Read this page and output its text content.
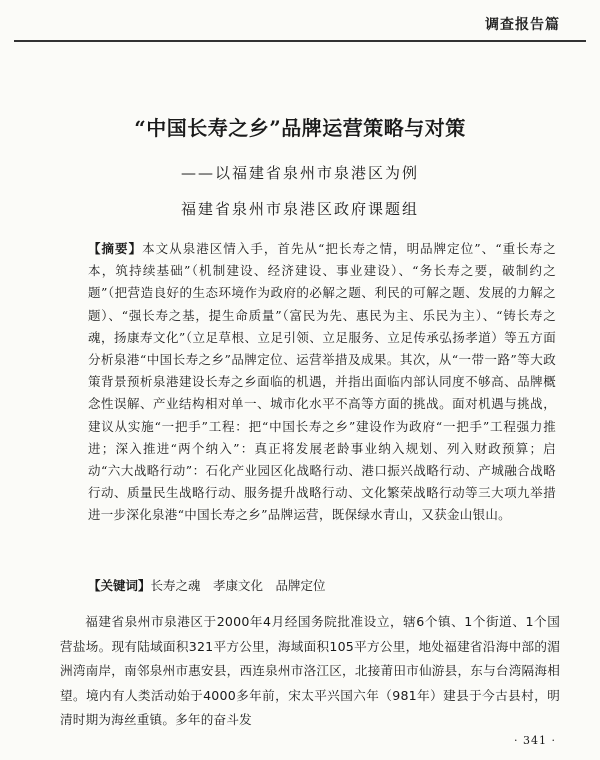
调查报告篇
“中国长寿之乡”品牌运营策略与对策
——以福建省泉州市泉港区为例
福建省泉州市泉港区政府课题组
【摘要】本文从泉港区情入手，首先从“把长寿之情，明品牌定位”、“重长寿之本，筑持续基础”（机制建设、经济建设、事业建设）、“务长寿之要，破制约之题”（把营造良好的生态环境作为政府的必解之题、利民的可解之题、发展的力解之题）、“强长寿之基，提生命质量”（富民为先、惠民为主、乐民为主）、“铸长寿之魂，扬康寿文化”（立足草根、立足引领、立足服务、立足传承弘扬孝道）等五方面分析泉港“中国长寿之乡”品牌定位、运营举措及成果。其次，从“一带一路”等大政策背景预析泉港建设长寿之乡面临的机遇，并指出面临内部认同度不够高、品牌概念性误解、产业结构相对单一、城市化水平不高等方面的挑战。面对机遇与挑战，建议从实施“一把手”工程：把“中国长寿之乡”建设作为政府“一把手”工程强力推进；深入推进“两个纳入”：真正将发展老龄事业纳入规划、列入财政预算；启动“六大战略行动”：石化产业园区化战略行动、港口振兴战略行动、产城融合战略行动、质量民生战略行动、服务提升战略行动、文化繁荣战略行动等三大项九举措进一步深化泉港“中国长寿之乡”品牌运营，既保绿水青山，又获金山银山。
【关键词】长寿之魂　孝康文化　品牌定位
福建省泉州市泉港区于2000年4月经国务院批准设立，辖6个镇、1个街道、1个国营盐场。现有陆域面积321平方公里，海域面积105平方公里，地处福建省沿海中部的湄洲湾南岸，南邻泉州市惠安县，西连泉州市洛江区，北接莆田市仙游县，东与台湾隔海相望。境内有人类活动始于4000多年前，宋太平兴国六年（981年）建县于今古县村，明清时期为海丝重镇。多年的奋斗发
· 341 ·
